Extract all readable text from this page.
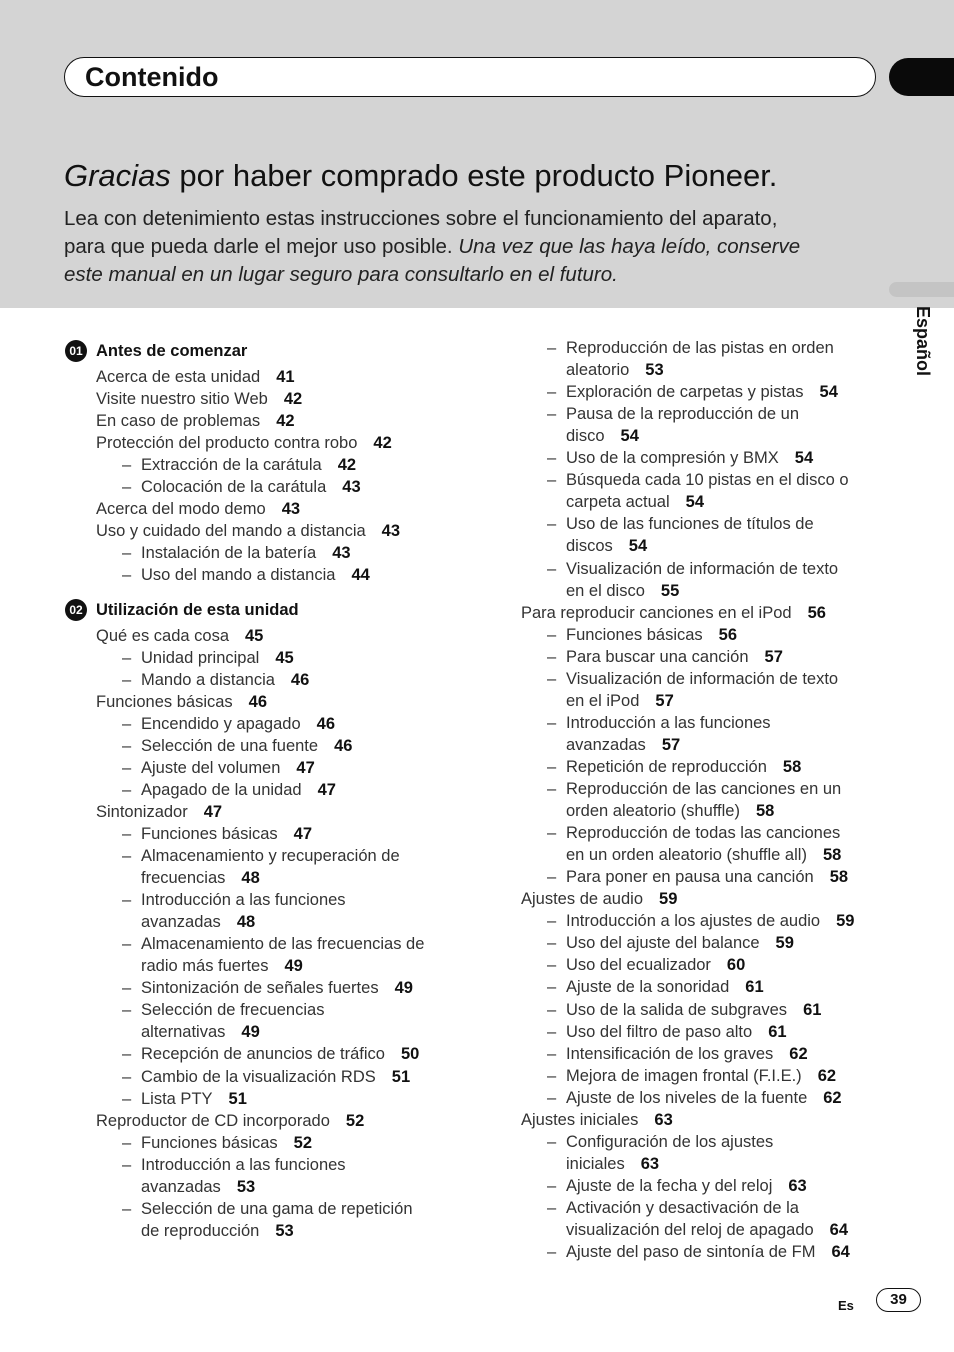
Contenido
Gracias por haber comprado este producto Pioneer.
Lea con detenimiento estas instrucciones sobre el funcionamiento del aparato,
para que pueda darle el mejor uso posible. Una vez que las haya leído, conserve
este manual en un lugar seguro para consultarlo en el futuro.
Español
01 Antes de comenzar
Acerca de esta unidad 41
Visite nuestro sitio Web 42
En caso de problemas 42
Protección del producto contra robo 42
– Extracción de la carátula 42
– Colocación de la carátula 43
Acerca del modo demo 43
Uso y cuidado del mando a distancia 43
– Instalación de la batería 43
– Uso del mando a distancia 44
02 Utilización de esta unidad
Qué es cada cosa 45
– Unidad principal 45
– Mando a distancia 46
Funciones básicas 46
– Encendido y apagado 46
– Selección de una fuente 46
– Ajuste del volumen 47
– Apagado de la unidad 47
Sintonizador 47
– Funciones básicas 47
– Almacenamiento y recuperación de
frecuencias 48
– Introducción a las funciones
avanzadas 48
– Almacenamiento de las frecuencias de
radio más fuertes 49
– Sintonización de señales fuertes 49
– Selección de frecuencias
alternativas 49
– Recepción de anuncios de tráfico 50
– Cambio de la visualización RDS 51
– Lista PTY 51
Reproductor de CD incorporado 52
– Funciones básicas 52
– Introducción a las funciones
avanzadas 53
– Selección de una gama de repetición
de reproducción 53
– Reproducción de las pistas en orden
aleatorio 53
– Exploración de carpetas y pistas 54
– Pausa de la reproducción de un
disco 54
– Uso de la compresión y BMX 54
– Búsqueda cada 10 pistas en el disco o
carpeta actual 54
– Uso de las funciones de títulos de
discos 54
– Visualización de información de texto
en el disco 55
Para reproducir canciones en el iPod 56
– Funciones básicas 56
– Para buscar una canción 57
– Visualización de información de texto
en el iPod 57
– Introducción a las funciones
avanzadas 57
– Repetición de reproducción 58
– Reproducción de las canciones en un
orden aleatorio (shuffle) 58
– Reproducción de todas las canciones
en un orden aleatorio (shuffle all) 58
– Para poner en pausa una canción 58
Ajustes de audio 59
– Introducción a los ajustes de audio 59
– Uso del ajuste del balance 59
– Uso del ecualizador 60
– Ajuste de la sonoridad 61
– Uso de la salida de subgraves 61
– Uso del filtro de paso alto 61
– Intensificación de los graves 62
– Mejora de imagen frontal (F.I.E.) 62
– Ajuste de los niveles de la fuente 62
Ajustes iniciales 63
– Configuración de los ajustes
iniciales 63
– Ajuste de la fecha y del reloj 63
– Activación y desactivación de la
visualización del reloj de apagado 64
– Ajuste del paso de sintonía de FM 64
Es	39
